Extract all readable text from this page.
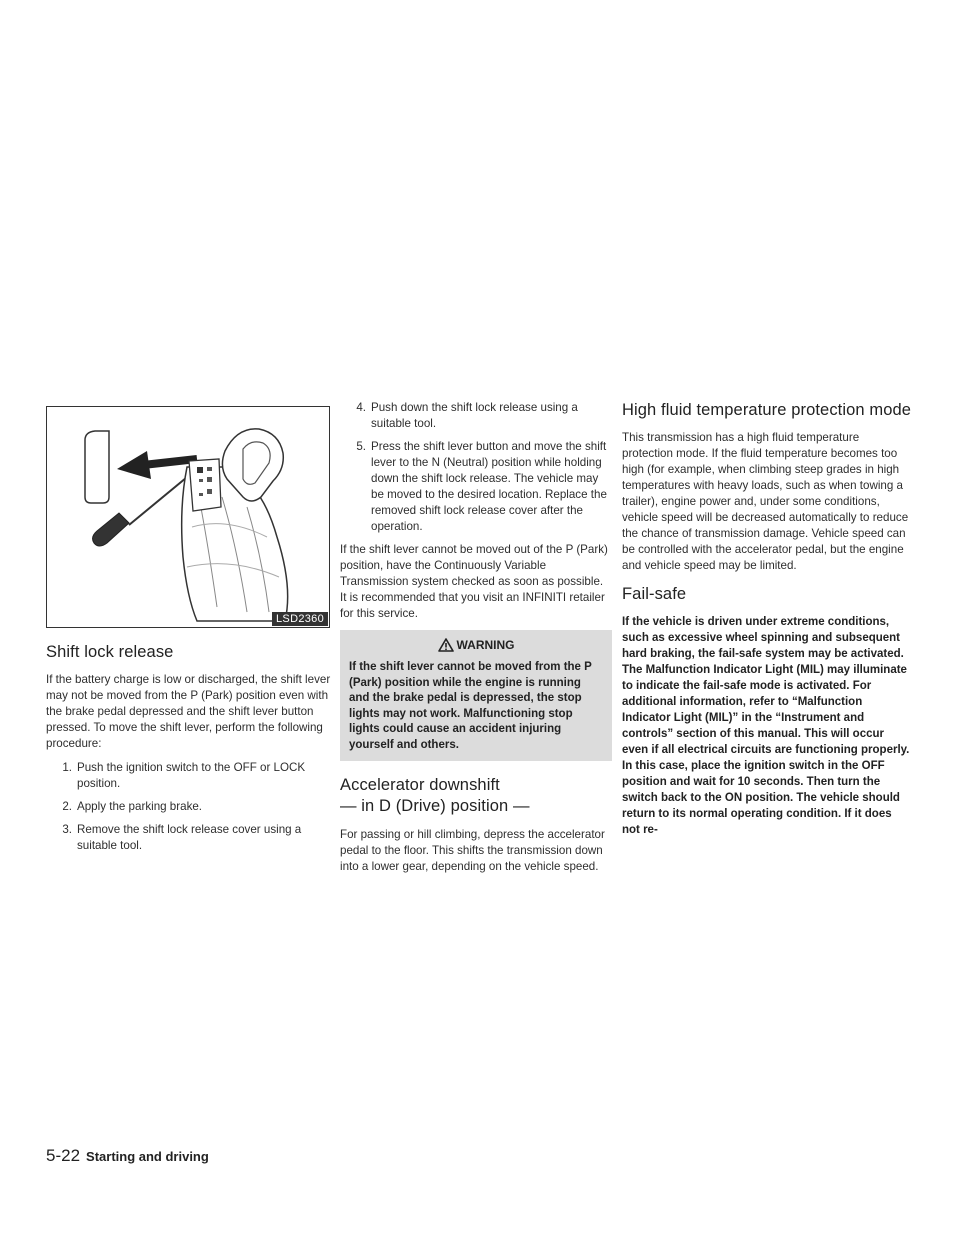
LSD2360
Shift lock release

If the battery charge is low or discharged, the shift lever may not be moved from the P (Park) position even with the brake pedal depressed and the shift lever button pressed. To move the shift lever, perform the following procedure:

1. Push the ignition switch to the OFF or LOCK position.
2. Apply the parking brake.
3. Remove the shift lock release cover using a suitable tool.
4. Push down the shift lock release using a suitable tool.
5. Press the shift lever button and move the shift lever to the N (Neutral) position while holding down the shift lock release. The vehicle may be moved to the desired location. Replace the removed shift lock release cover after the operation.

If the shift lever cannot be moved out of the P (Park) position, have the Continuously Variable Transmission system checked as soon as possible. It is recommended that you visit an INFINITI retailer for this service.

WARNING

If the shift lever cannot be moved from the P (Park) position while the engine is running and the brake pedal is depressed, the stop lights may not work. Malfunctioning stop lights could cause an accident injuring yourself and others.

Accelerator downshift
— in D (Drive) position —

For passing or hill climbing, depress the accelerator pedal to the floor. This shifts the transmission down into a lower gear, depending on the vehicle speed.

High fluid temperature protection mode

This transmission has a high fluid temperature protection mode. If the fluid temperature becomes too high (for example, when climbing steep grades in high temperatures with heavy loads, such as when towing a trailer), engine power and, under some conditions, vehicle speed will be decreased automatically to reduce the chance of transmission damage. Vehicle speed can be controlled with the accelerator pedal, but the engine and vehicle speed may be limited.

Fail-safe

If the vehicle is driven under extreme conditions, such as excessive wheel spinning and subsequent hard braking, the fail-safe system may be activated. The Malfunction Indicator Light (MIL) may illuminate to indicate the fail-safe mode is activated. For additional information, refer to “Malfunction Indicator Light (MIL)” in the “Instrument and controls” section of this manual. This will occur even if all electrical circuits are functioning properly. In this case, place the ignition switch in the OFF position and wait for 10 seconds. Then turn the switch back to the ON position. The vehicle should return to its normal operating condition. If it does not re-

5-22 Starting and driving
